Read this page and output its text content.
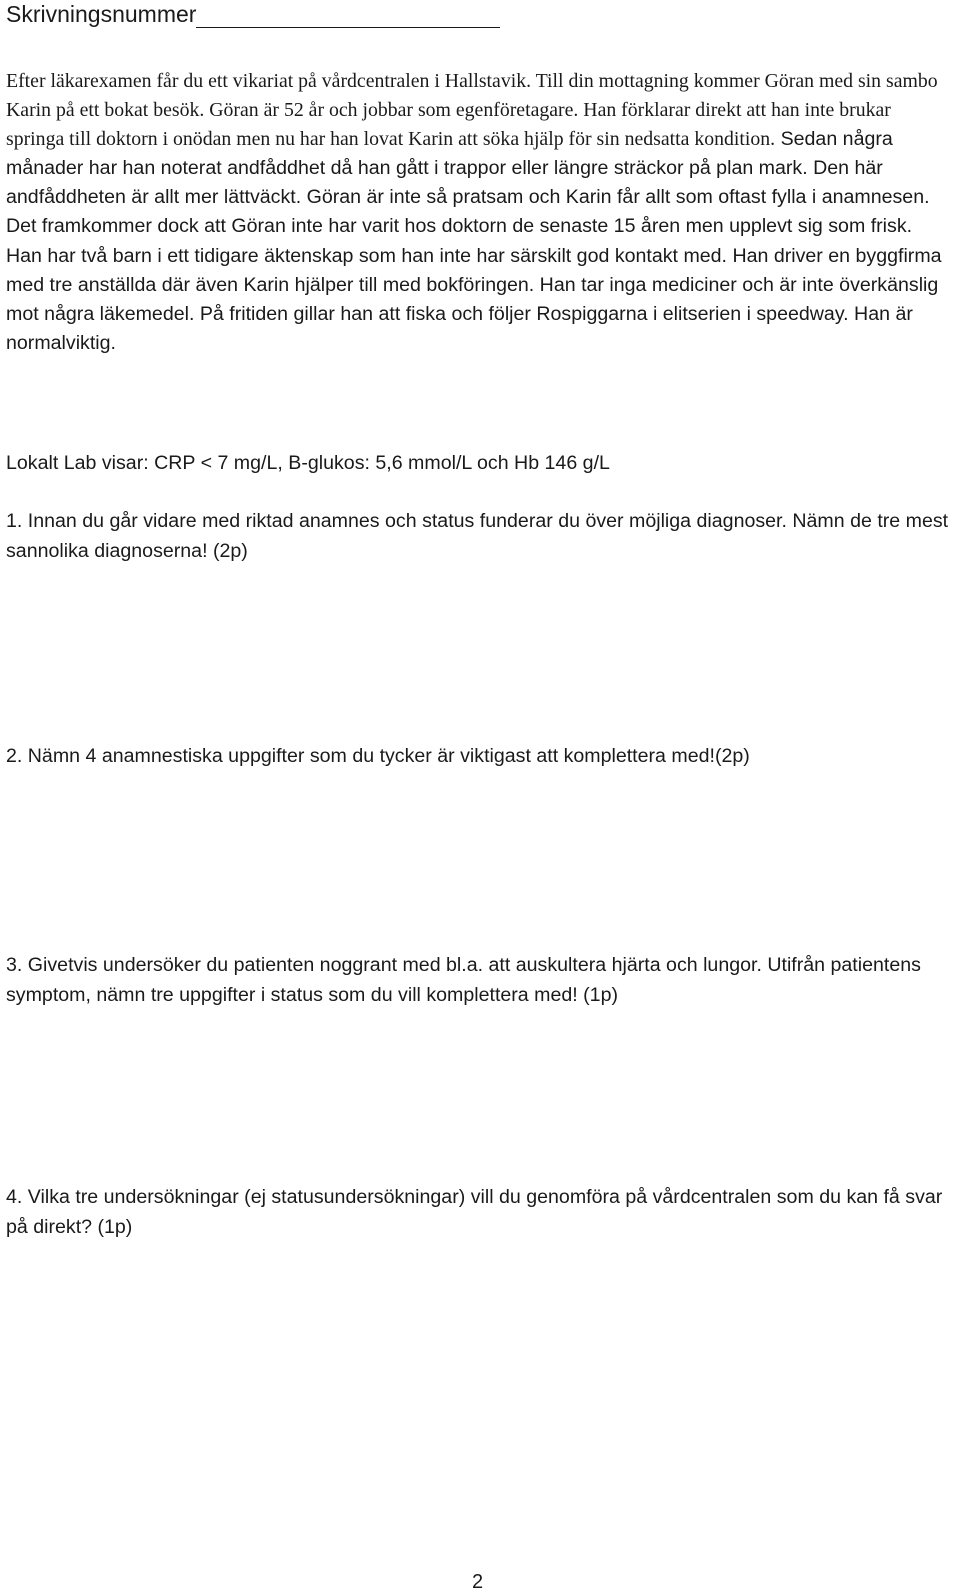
Skrivningsnummer
Efter läkarexamen får du ett vikariat på vårdcentralen i Hallstavik. Till din mottagning kommer Göran med sin sambo Karin på ett bokat besök. Göran är 52 år och jobbar som egenföretagare. Han förklarar direkt att han inte brukar springa till doktorn i onödan men nu har han lovat Karin att söka hjälp för sin nedsatta kondition. Sedan några månader har han noterat andfåddhet då han gått i trappor eller längre sträckor på plan mark. Den här andfåddheten är allt mer lättväckt. Göran är inte så pratsam och Karin får allt som oftast fylla i anamnesen. Det framkommer dock att Göran inte har varit hos doktorn de senaste 15 åren men upplevt sig som frisk. Han har två barn i ett tidigare äktenskap som han inte har särskilt god kontakt med. Han driver en byggfirma med tre anställda där även Karin hjälper till med bokföringen. Han tar inga mediciner och är inte överkänslig mot några läkemedel. På fritiden gillar han att fiska och följer Rospiggarna i elitserien i speedway. Han är normalviktig.
Lokalt Lab visar: CRP < 7 mg/L, B-glukos: 5,6 mmol/L och Hb 146 g/L
1. Innan du går vidare med riktad anamnes och status funderar du över möjliga diagnoser. Nämn de tre mest sannolika diagnoserna! (2p)
2. Nämn 4 anamnestiska uppgifter som du tycker är viktigast att komplettera med!(2p)
3. Givetvis undersöker du patienten noggrant med bl.a. att auskultera hjärta och lungor. Utifrån patientens symptom, nämn tre uppgifter i status som du vill komplettera med! (1p)
4. Vilka tre undersökningar (ej statusundersökningar) vill du genomföra på vårdcentralen som du kan få svar på direkt? (1p)
2
